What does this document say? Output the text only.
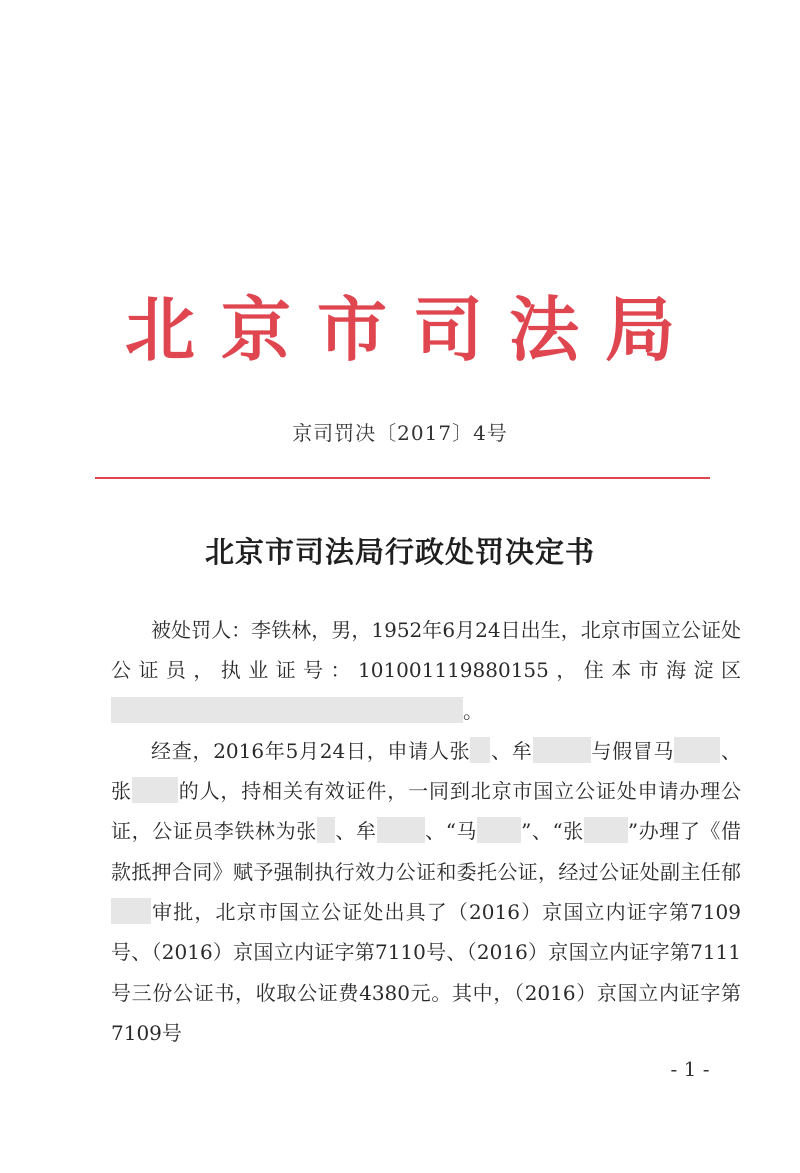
北京市司法局
京司罚决〔2017〕4号
北京市司法局行政处罚决定书

被处罚人：李铁林，男，1952年6月24日出生，北京市国立公证处公证员，执业证号：101001119880155，住本市海淀区。

经查，2016年5月24日，申请人张 、牟	与假冒马 、张 的人，持相关有效证件，一同到北京市国立公证处申请办理公证，公证员李铁林为张 、牟 、“马 ”、“张 ”办理了《借款抵押合同》赋予强制执行效力公证和委托公证，经过公证处副主任郁审批，北京市国立公证处出具了（2016）京国立内证字第7109号、（2016）京国立内证字第7110号、（2016）京国立内证字第7111号三份公证书，收取公证费4380元。其中，（2016）京国立内证字第7109号

- 1 -
